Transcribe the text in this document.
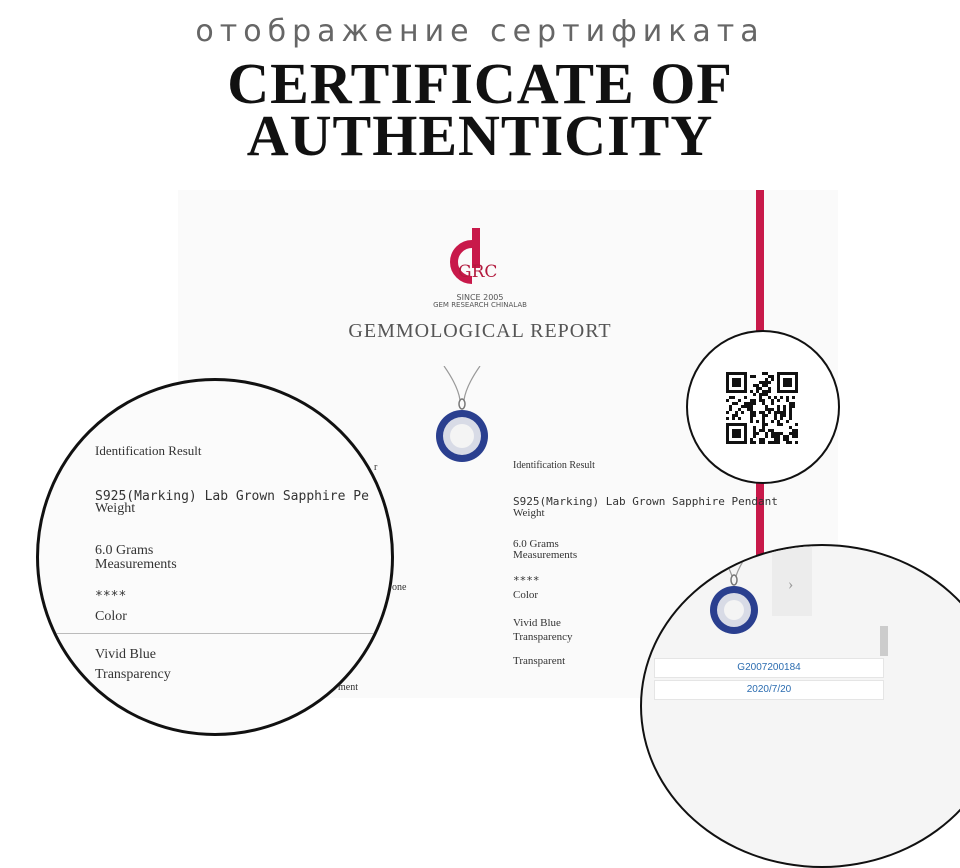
отображение сертификата
CERTIFICATE OF
AUTHENTICITY
GRC
SINCE 2005
GEM RESEARCH CHINALAB
GEMMOLOGICAL REPORT
Identification Result
S925(Marking) Lab Grown Sapphire Pendant
Weight
6.0 Grams
Measurements
****
Color
Vivid Blue
Transparency
Transparent
r
one
ment
Identification Result
S925(Marking) Lab Grown Sapphire Pe
Weight
6.0 Grams
Measurements
****
Color
Vivid Blue
Transparency
›
G2007200184
2020/7/20
